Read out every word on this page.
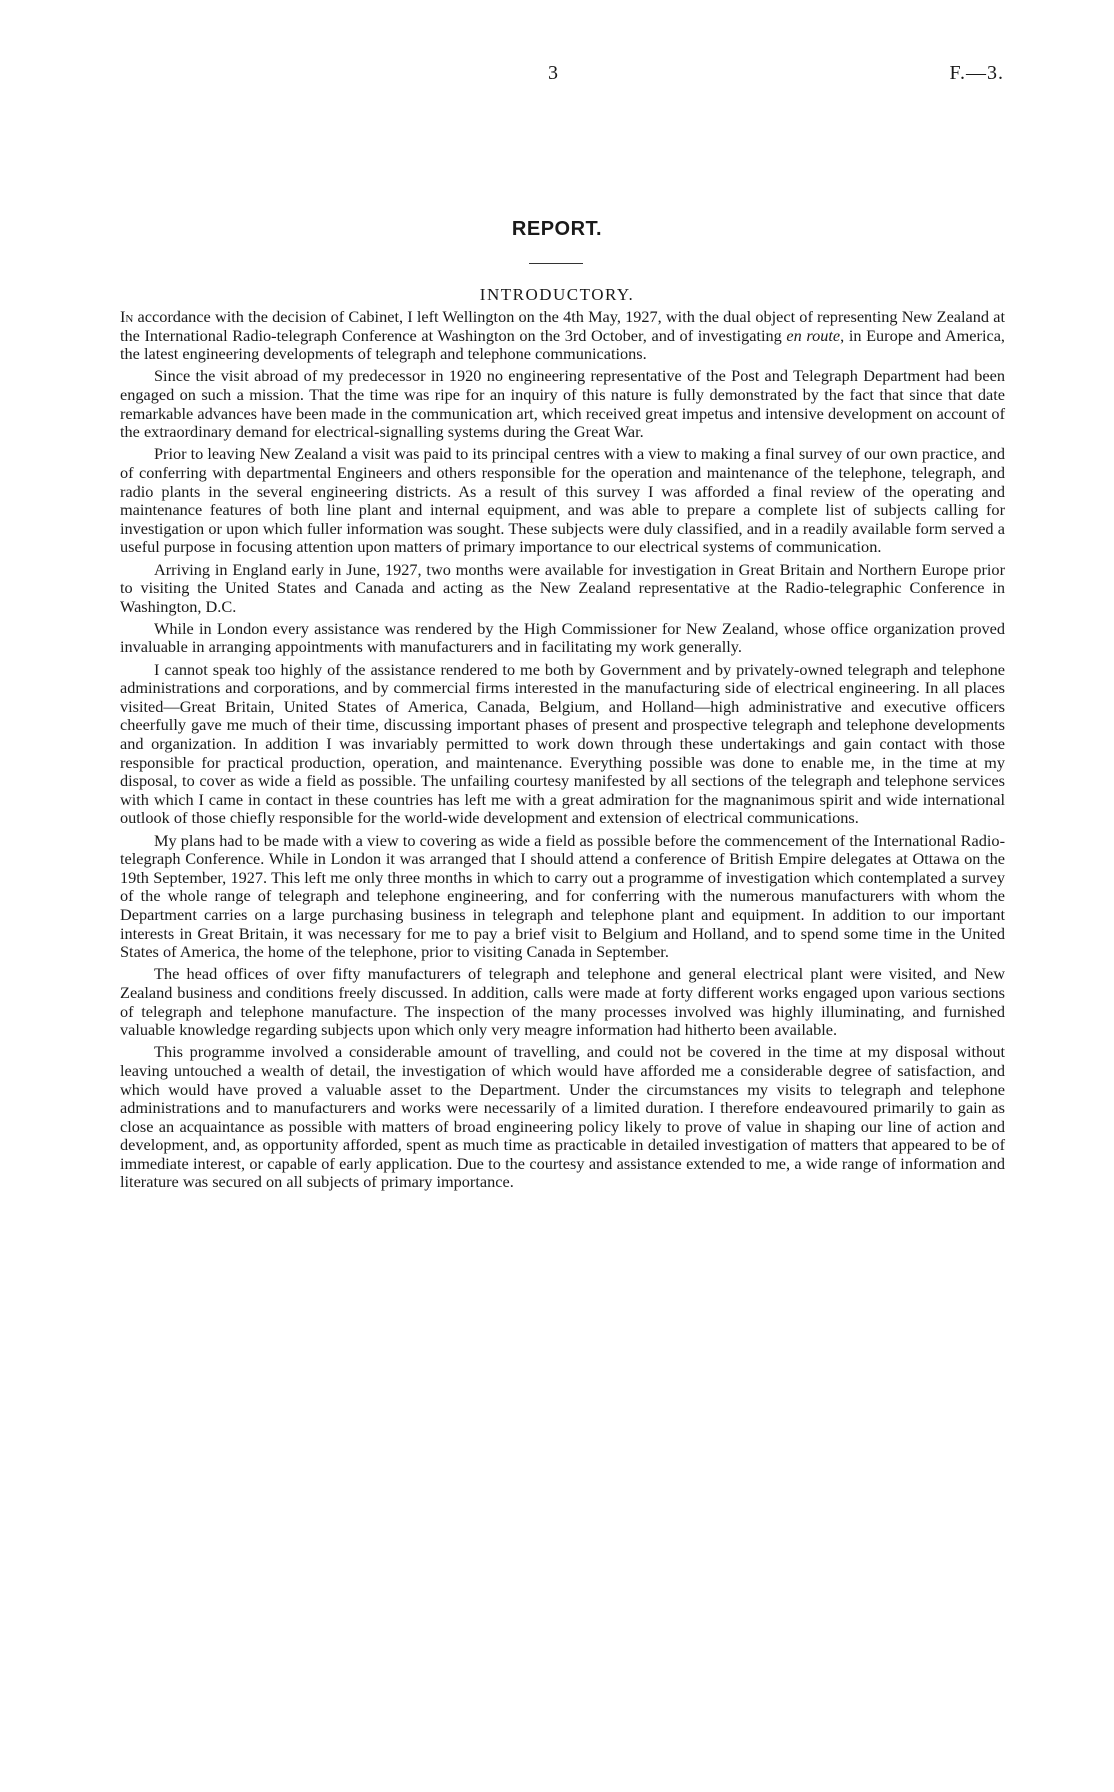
3	F.—3.
REPORT.
INTRODUCTORY.

In accordance with the decision of Cabinet, I left Wellington on the 4th May, 1927, with the dual object of representing New Zealand at the International Radio-telegraph Conference at Washington on the 3rd October, and of investigating en route, in Europe and America, the latest engineering developments of telegraph and telephone communications.

Since the visit abroad of my predecessor in 1920 no engineering representative of the Post and Telegraph Department had been engaged on such a mission. That the time was ripe for an inquiry of this nature is fully demonstrated by the fact that since that date remarkable advances have been made in the communication art, which received great impetus and intensive development on account of the extraordinary demand for electrical-signalling systems during the Great War.

Prior to leaving New Zealand a visit was paid to its principal centres with a view to making a final survey of our own practice, and of conferring with departmental Engineers and others responsible for the operation and maintenance of the telephone, telegraph, and radio plants in the several engineering districts. As a result of this survey I was afforded a final review of the operating and maintenance features of both line plant and internal equipment, and was able to prepare a complete list of subjects calling for investigation or upon which fuller information was sought. These subjects were duly classified, and in a readily available form served a useful purpose in focusing attention upon matters of primary importance to our electrical systems of communication.

Arriving in England early in June, 1927, two months were available for investigation in Great Britain and Northern Europe prior to visiting the United States and Canada and acting as the New Zealand representative at the Radio-telegraphic Conference in Washington, D.C.

While in London every assistance was rendered by the High Commissioner for New Zealand, whose office organization proved invaluable in arranging appointments with manufacturers and in facilitating my work generally.

I cannot speak too highly of the assistance rendered to me both by Government and by privately-owned telegraph and telephone administrations and corporations, and by commercial firms interested in the manufacturing side of electrical engineering. In all places visited—Great Britain, United States of America, Canada, Belgium, and Holland—high administrative and executive officers cheerfully gave me much of their time, discussing important phases of present and prospective telegraph and telephone developments and organization. In addition I was invariably permitted to work down through these undertakings and gain contact with those responsible for practical production, operation, and maintenance. Everything possible was done to enable me, in the time at my disposal, to cover as wide a field as possible. The unfailing courtesy manifested by all sections of the telegraph and telephone services with which I came in contact in these countries has left me with a great admiration for the magnanimous spirit and wide international outlook of those chiefly responsible for the world-wide development and extension of electrical communications.

My plans had to be made with a view to covering as wide a field as possible before the commencement of the International Radio-telegraph Conference. While in London it was arranged that I should attend a conference of British Empire delegates at Ottawa on the 19th September, 1927. This left me only three months in which to carry out a programme of investigation which contemplated a survey of the whole range of telegraph and telephone engineering, and for conferring with the numerous manufacturers with whom the Department carries on a large purchasing business in telegraph and telephone plant and equipment. In addition to our important interests in Great Britain, it was necessary for me to pay a brief visit to Belgium and Holland, and to spend some time in the United States of America, the home of the telephone, prior to visiting Canada in September.

The head offices of over fifty manufacturers of telegraph and telephone and general electrical plant were visited, and New Zealand business and conditions freely discussed. In addition, calls were made at forty different works engaged upon various sections of telegraph and telephone manufacture. The inspection of the many processes involved was highly illuminating, and furnished valuable knowledge regarding subjects upon which only very meagre information had hitherto been available.

This programme involved a considerable amount of travelling, and could not be covered in the time at my disposal without leaving untouched a wealth of detail, the investigation of which would have afforded me a considerable degree of satisfaction, and which would have proved a valuable asset to the Department. Under the circumstances my visits to telegraph and telephone administrations and to manufacturers and works were necessarily of a limited duration. I therefore endeavoured primarily to gain as close an acquaintance as possible with matters of broad engineering policy likely to prove of value in shaping our line of action and development, and, as opportunity afforded, spent as much time as practicable in detailed investigation of matters that appeared to be of immediate interest, or capable of early application. Due to the courtesy and assistance extended to me, a wide range of information and literature was secured on all subjects of primary importance.
